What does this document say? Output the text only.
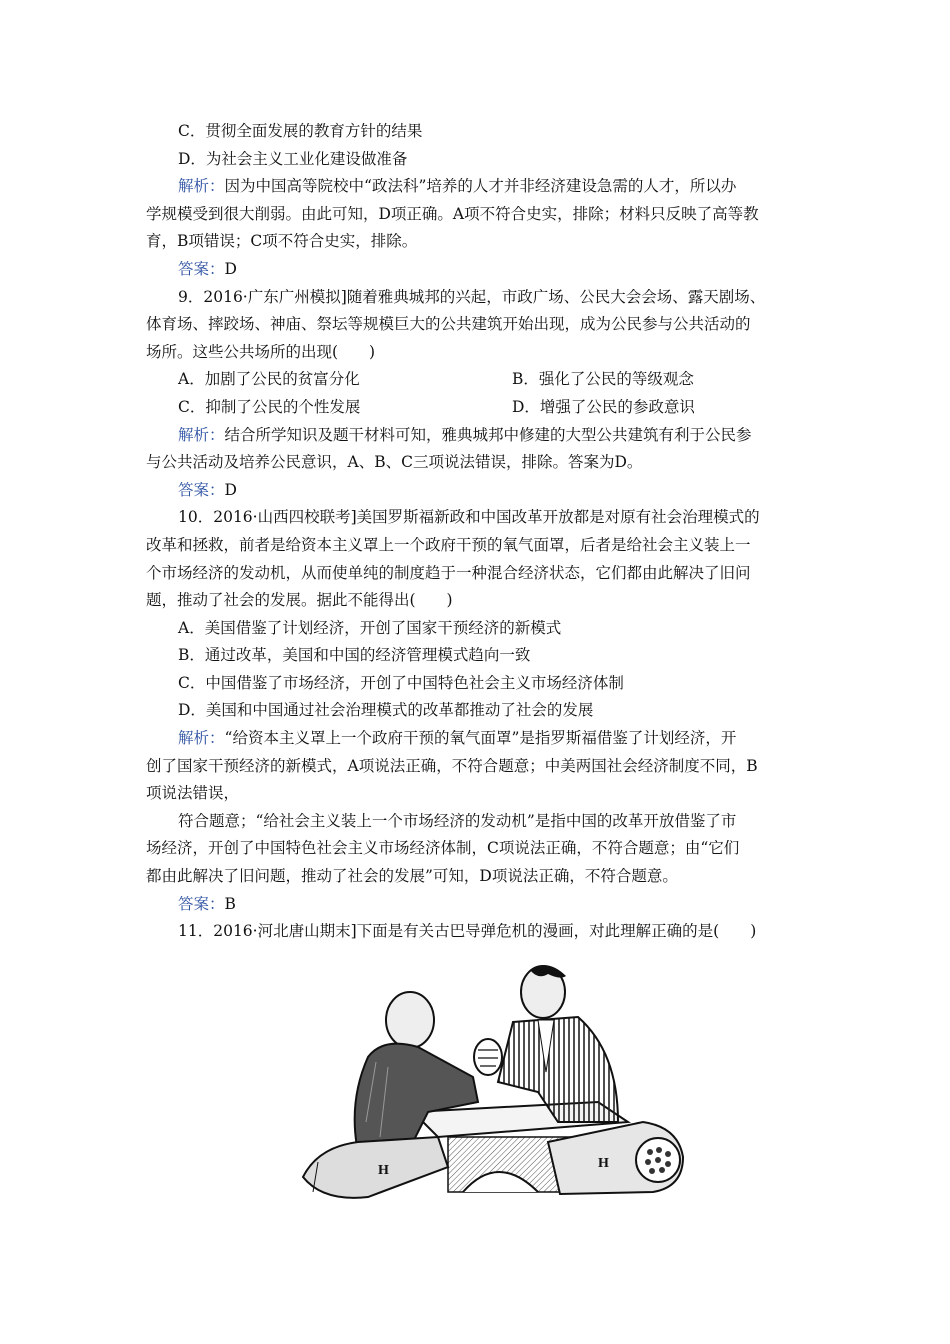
C．贯彻全面发展的教育方针的结果
D．为社会主义工业化建设做准备
解析：因为中国高等院校中“政法科”培养的人才并非经济建设急需的人才，所以办
学规模受到很大削弱。由此可知，D项正确。A项不符合史实，排除；材料只反映了高等教
育，B项错误；C项不符合史实，排除。
答案：D
9．2016·广东广州模拟]随着雅典城邦的兴起，市政广场、公民大会会场、露天剧场、
体育场、摔跤场、神庙、祭坛等规模巨大的公共建筑开始出现，成为公民参与公共活动的
场所。这些公共场所的出现(　　)
A．加剧了公民的贫富分化	B．强化了公民的等级观念
C．抑制了公民的个性发展	D．增强了公民的参政意识
解析：结合所学知识及题干材料可知，雅典城邦中修建的大型公共建筑有利于公民参
与公共活动及培养公民意识，A、B、C三项说法错误，排除。答案为D。
答案：D
10．2016·山西四校联考]美国罗斯福新政和中国改革开放都是对原有社会治理模式的
改革和拯救，前者是给资本主义罩上一个政府干预的氧气面罩，后者是给社会主义装上一
个市场经济的发动机，从而使单纯的制度趋于一种混合经济状态，它们都由此解决了旧问
题，推动了社会的发展。据此不能得出(　　)
A．美国借鉴了计划经济，开创了国家干预经济的新模式
B．通过改革，美国和中国的经济管理模式趋向一致
C．中国借鉴了市场经济，开创了中国特色社会主义市场经济体制
D．美国和中国通过社会治理模式的改革都推动了社会的发展
解析：“给资本主义罩上一个政府干预的氧气面罩”是指罗斯福借鉴了计划经济，开
创了国家干预经济的新模式，A项说法正确，不符合题意；中美两国社会经济制度不同，B
项说法错误，
符合题意；“给社会主义装上一个市场经济的发动机”是指中国的改革开放借鉴了市
场经济，开创了中国特色社会主义市场经济体制，C项说法正确，不符合题意；由“它们
都由此解决了旧问题，推动了社会的发展”可知，D项说法正确，不符合题意。
答案：B
11．2016·河北唐山期末]下面是有关古巴导弹危机的漫画，对此理解正确的是(　　)
H	H
